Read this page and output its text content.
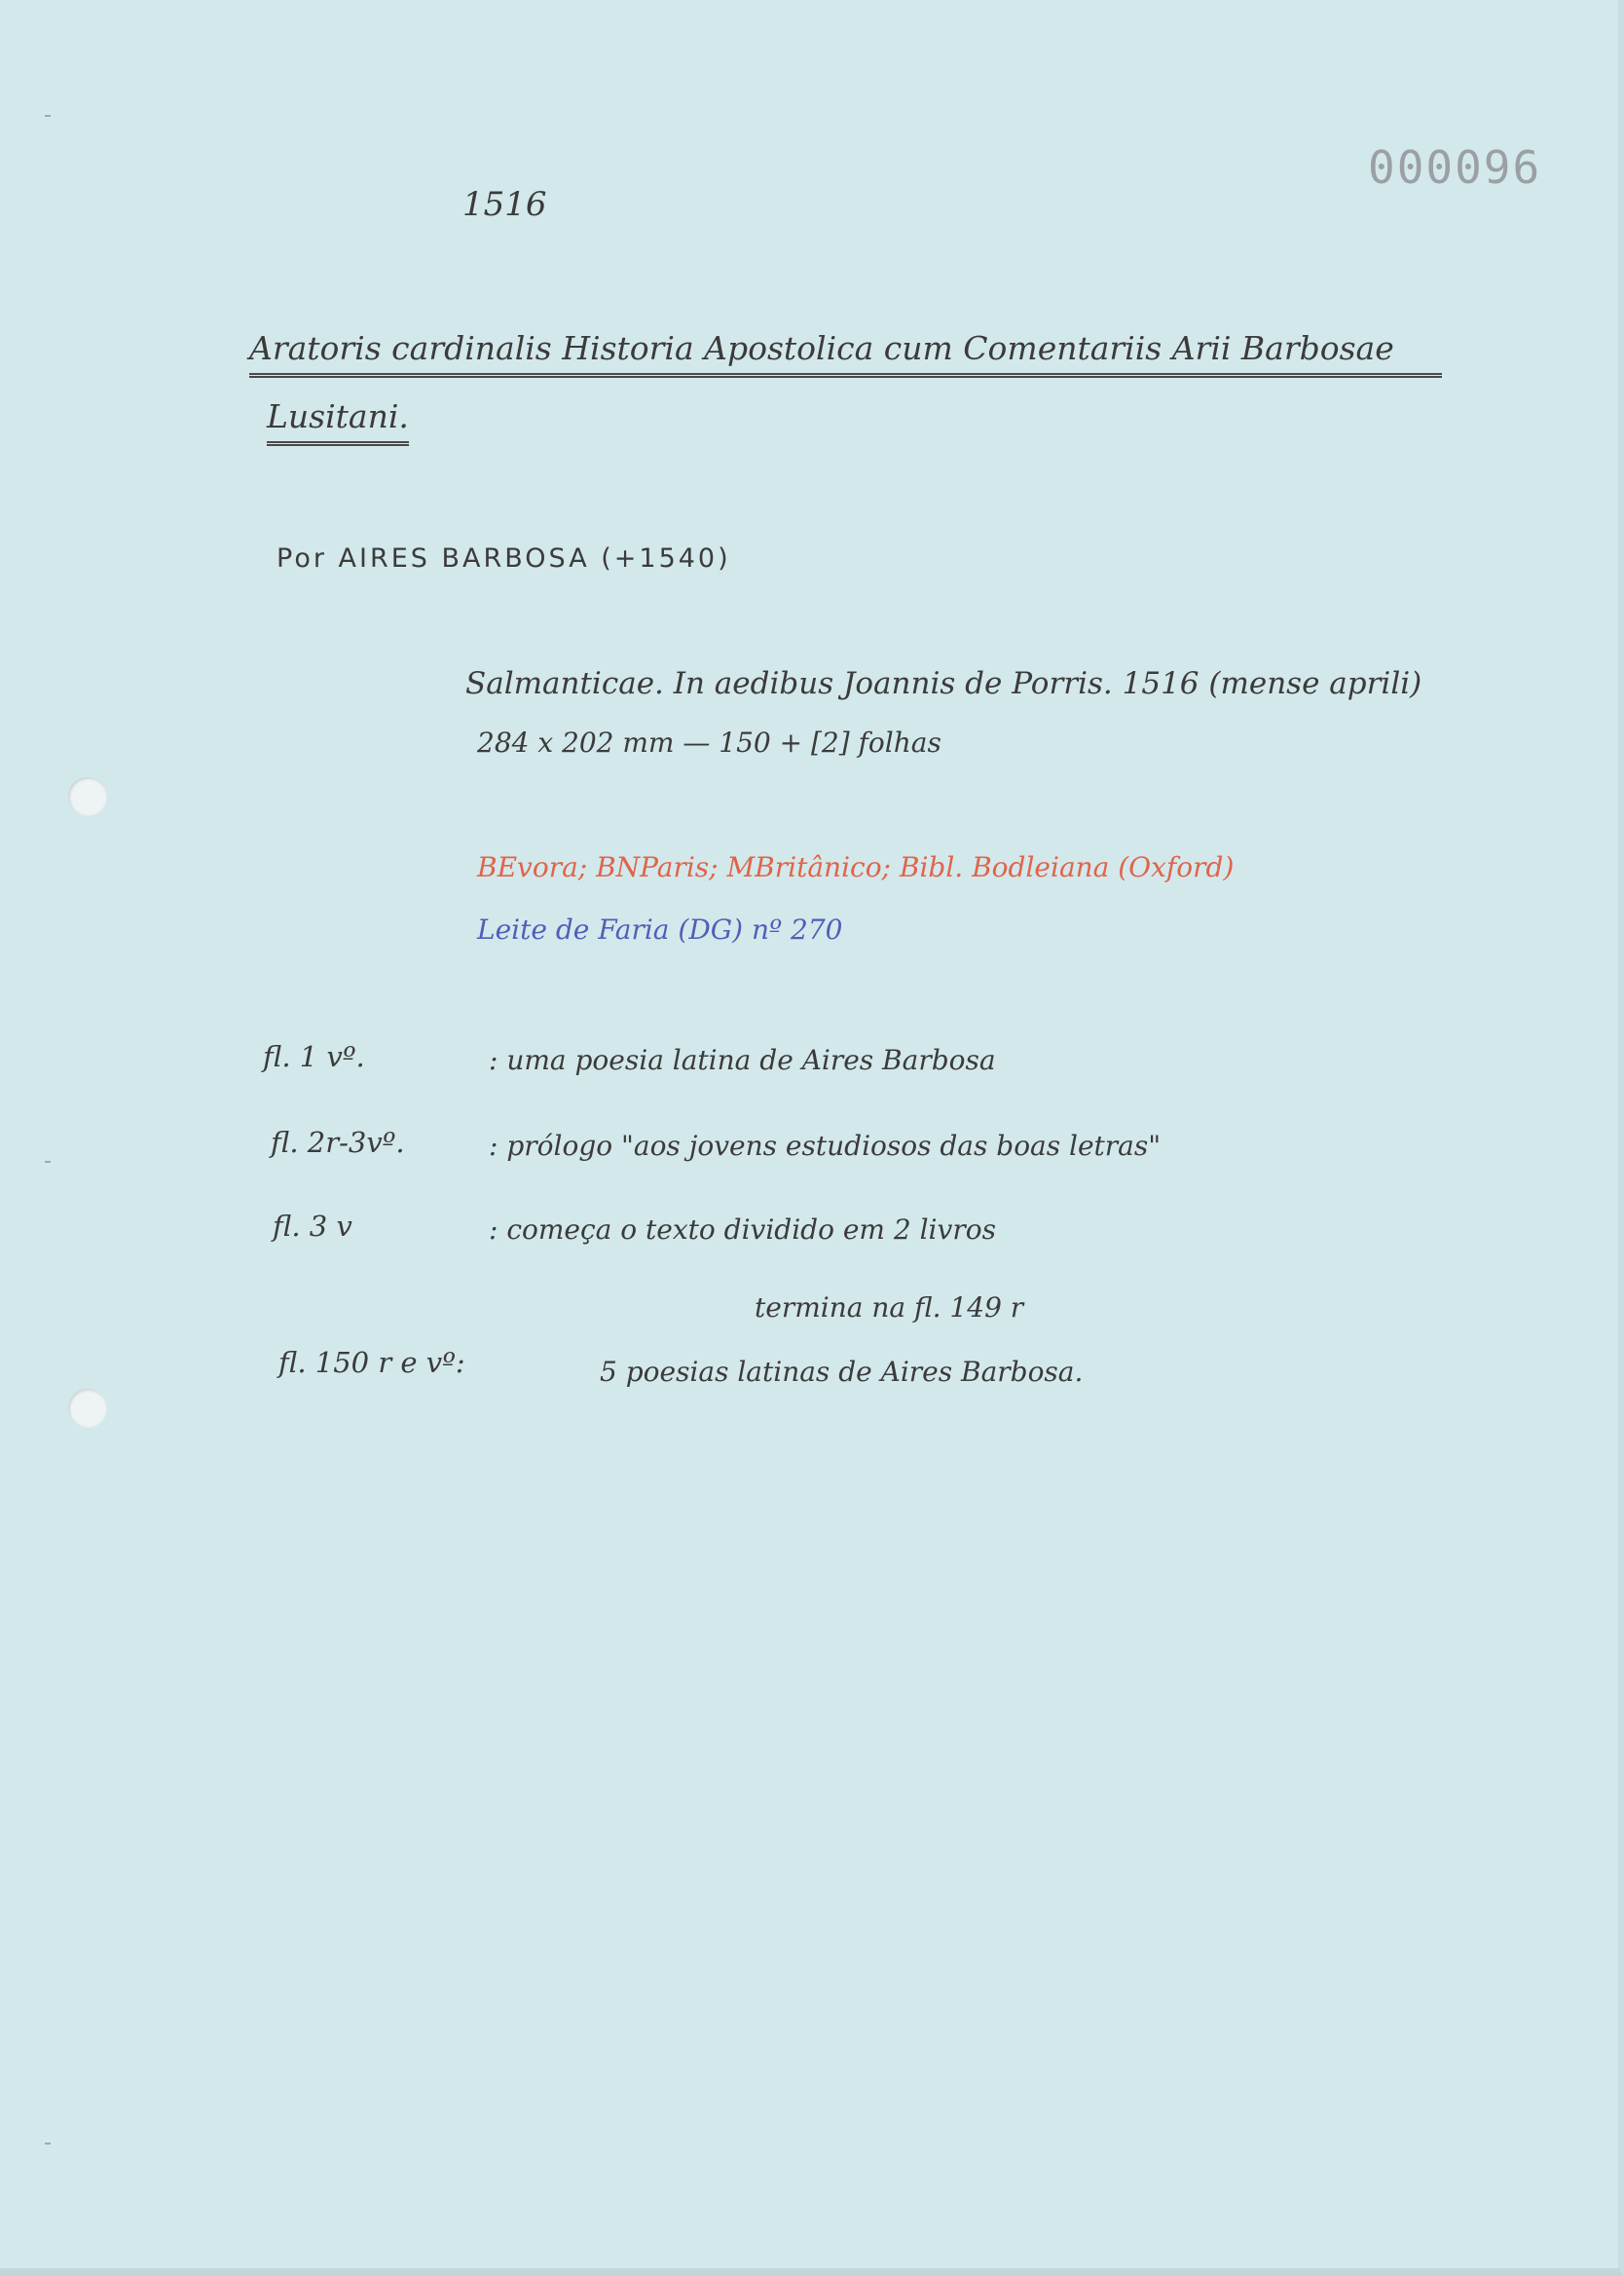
000096
1516
Aratoris cardinalis Historia Apostolica cum Comentariis Arii Barbosae
Lusitani.
Por AIRES BARBOSA (+1540)
Salmanticae. In aedibus Joannis de Porris. 1516 (mense aprili)
284 x 202 mm — 150 + [2] folhas
BEvora; BNParis; MBritânico; Bibl. Bodleiana (Oxford)
Leite de Faria (DG) nº 270
fl. 1 vº.	: uma poesia latina de Aires Barbosa
fl. 2r-3vº.	: prólogo "aos jovens estudiosos das boas letras"
fl. 3 v	: começa o texto dividido em 2 livros
termina na fl. 149 r
fl. 150 r e vº:	5 poesias latinas de Aires Barbosa.
